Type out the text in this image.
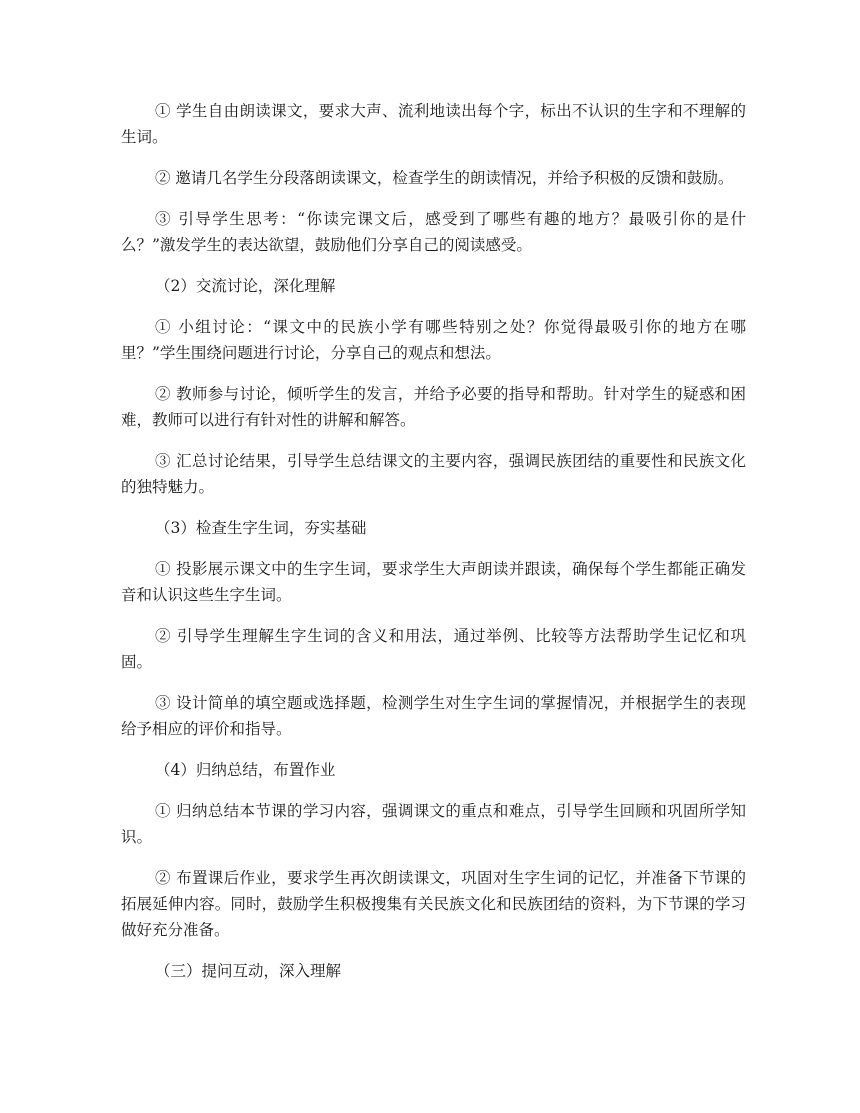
① 学生自由朗读课文，要求大声、流利地读出每个字，标出不认识的生字和不理解的生词。

② 邀请几名学生分段落朗读课文，检查学生的朗读情况，并给予积极的反馈和鼓励。

③ 引导学生思考：“你读完课文后，感受到了哪些有趣的地方？最吸引你的是什么？”激发学生的表达欲望，鼓励他们分享自己的阅读感受。

（2）交流讨论，深化理解

① 小组讨论：“课文中的民族小学有哪些特别之处？你觉得最吸引你的地方在哪里？”学生围绕问题进行讨论，分享自己的观点和想法。

② 教师参与讨论，倾听学生的发言，并给予必要的指导和帮助。针对学生的疑惑和困难，教师可以进行有针对性的讲解和解答。

③ 汇总讨论结果，引导学生总结课文的主要内容，强调民族团结的重要性和民族文化的独特魅力。

（3）检查生字生词，夯实基础

① 投影展示课文中的生字生词，要求学生大声朗读并跟读，确保每个学生都能正确发音和认识这些生字生词。

② 引导学生理解生字生词的含义和用法，通过举例、比较等方法帮助学生记忆和巩固。

③ 设计简单的填空题或选择题，检测学生对生字生词的掌握情况，并根据学生的表现给予相应的评价和指导。

（4）归纳总结，布置作业

① 归纳总结本节课的学习内容，强调课文的重点和难点，引导学生回顾和巩固所学知识。

② 布置课后作业，要求学生再次朗读课文，巩固对生字生词的记忆，并准备下节课的拓展延伸内容。同时，鼓励学生积极搜集有关民族文化和民族团结的资料，为下节课的学习做好充分准备。

（三）提问互动，深入理解
